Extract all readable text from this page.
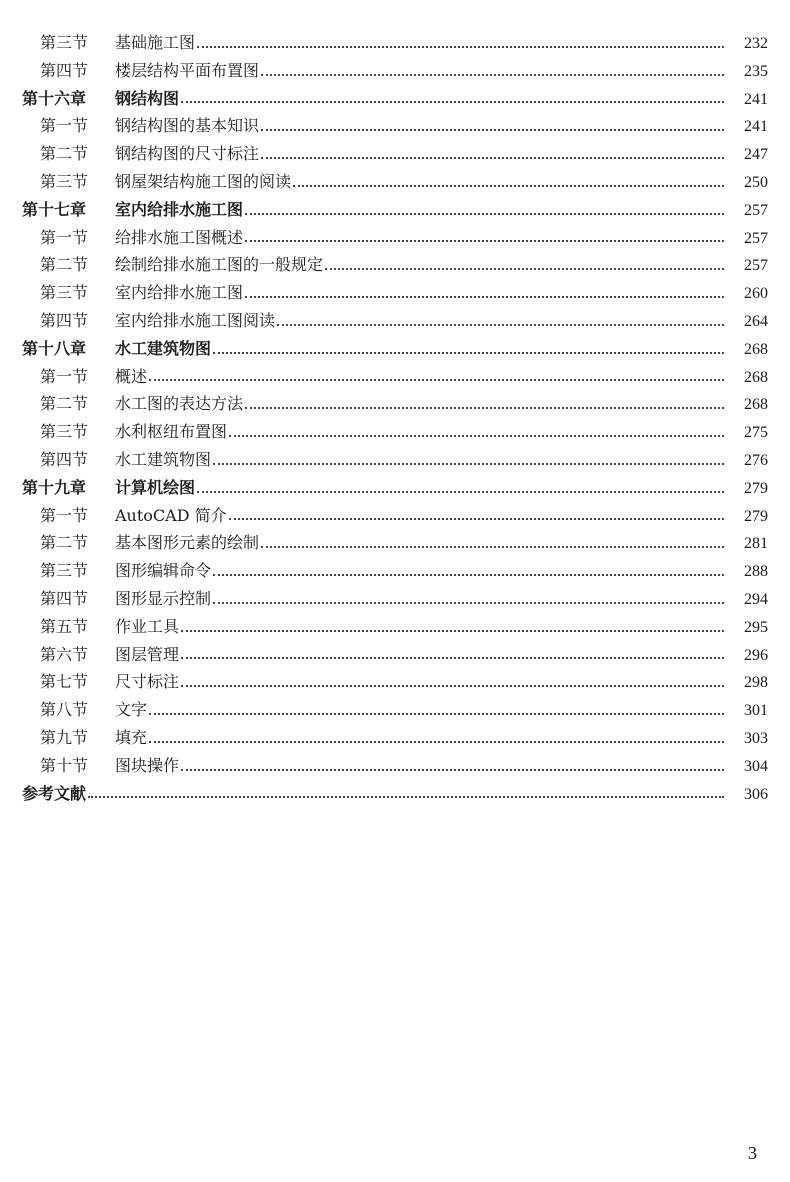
第三节	基础施工图	232
第四节	楼层结构平面布置图	235
第十六章	钢结构图	241
第一节	钢结构图的基本知识	241
第二节	钢结构图的尺寸标注	247
第三节	钢屋架结构施工图的阅读	250
第十七章	室内给排水施工图	257
第一节	给排水施工图概述	257
第二节	绘制给排水施工图的一般规定	257
第三节	室内给排水施工图	260
第四节	室内给排水施工图阅读	264
第十八章	水工建筑物图	268
第一节	概述	268
第二节	水工图的表达方法	268
第三节	水利枢纽布置图	275
第四节	水工建筑物图	276
第十九章	计算机绘图	279
第一节	AutoCAD 简介	279
第二节	基本图形元素的绘制	281
第三节	图形编辑命令	288
第四节	图形显示控制	294
第五节	作业工具	295
第六节	图层管理	296
第七节	尺寸标注	298
第八节	文字	301
第九节	填充	303
第十节	图块操作	304
参考文献	306
3
